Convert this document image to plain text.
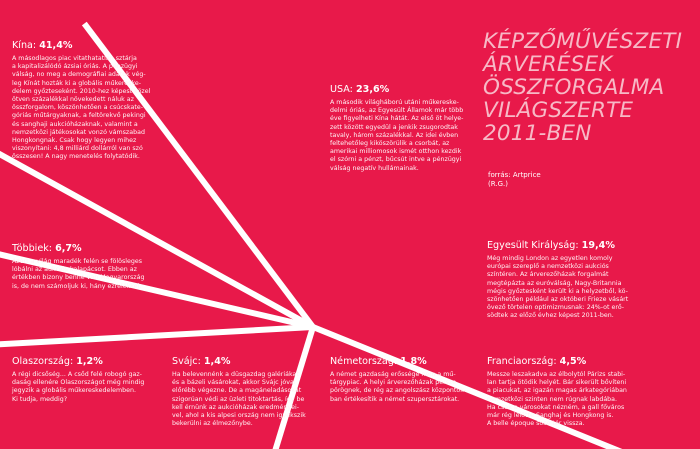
KÉPZŐMŰVÉSZETI
ÁRVERÉSEK
ÖSSZFORGALMA
VILÁGSZERTE
2011-BEN
forrás: Artprice
(R.G.)

Kína: 41,4%

A másodlagos piac vitathatatlan sztárja
a kapitalizálódó ázsiai óriás. A pénzügyi
válság, no meg a demográfiai adatok vég-
leg Kínát hozták ki a globális műkereske-
delem győzteseként. 2010-hez képest közel
ötven százalékkal növekedett náluk az
összforgalom, köszönhetően a csúcskate-
góriás műtárgyaknak, a feltörekvő pekingi
és sanghaji aukcióházaknak, valamint a
nemzetközi játékosokat vonzó vámszabad
Hongkongnak. Csak hogy legyen mihez
viszonyítani: 4,8 milliárd dollárról van szó
összesen! A nagy menetelés folytatódik.

USA: 23,6%

A második világháború utáni műkereske-
delmi óriás, az Egyesült Államok már több
éve figyelheti Kína hátát. Az első öt helye-
zett között egyedül a jenkik zsugorodtak
tavaly, három százalékkal. Az idei évben
feltehetőleg kiköszörülik a csorbát, az
amerikai milliomosok ismét otthon kezdik
el szórni a pénzt, bűcsút intve a pénzügyi
válság negatív hullámainak.

Többiek: 6,7%

Azért a világ maradék felén se fölösleges
lóbálni az aukciós kalapácsot. Ebben az
értékben bizony benne van Magyarország
is, de nem számoljuk ki, hány ezrelékkel.

Egyesült Királyság: 19,4%

Még mindig London az egyetlen komoly
európai szereplő a nemzetközi aukciós
színtéren. Az árverezőházak forgalmát
megtépázta az euróválság, Nagy-Britannia
mégis győztesként került ki a helyzetből, kö-
szönhetően például az októberi Frieze vásárt
övező törtelen optimizmusnak: 24%-ot erő-
södtek az előző évhez képest 2011-ben.

Olaszország: 1,2%

A régi dicsőség... A csőd felé robogó gaz-
daság ellenére Olaszországot még mindig
jegyzik a globális műkereskedelemben.
Ki tudja, meddig?

Svájc: 1,4%

Ha belevennénk a düsgazdag galériákat
és a bázeli vásárokat, akkor Svájc jóval
előrébb végezne. De a magáneladásokat
szigorúan védi az üzleti titoktartás, így be
kell érnünk az aukcióházak eredményei-
vel, ahol a kis alpesi ország nem igyekszik
bekerülni az élmezőnybe.

Németország: 1,8%

A német gazdaság erőssége nem a mű-
tárgypiac. A helyi árverezőházak persze
pörögnek, de rég az angolszász központok-
ban értékesítik a német szupersztárokat.

Franciaország: 4,5%

Messze leszakadva az élbolytól Párizs stabi-
lan tartja ötödik helyét. Bár sikerült bővíteni
a piacukat, az igazán magas árkategóriában
nemzetközi szinten nem rúgnak labdába.
Ha csak a városokat nézném, a gall főváros
már rég lelőtte Sanghaj és Hongkong is.
A belle époque sose tér vissza.
